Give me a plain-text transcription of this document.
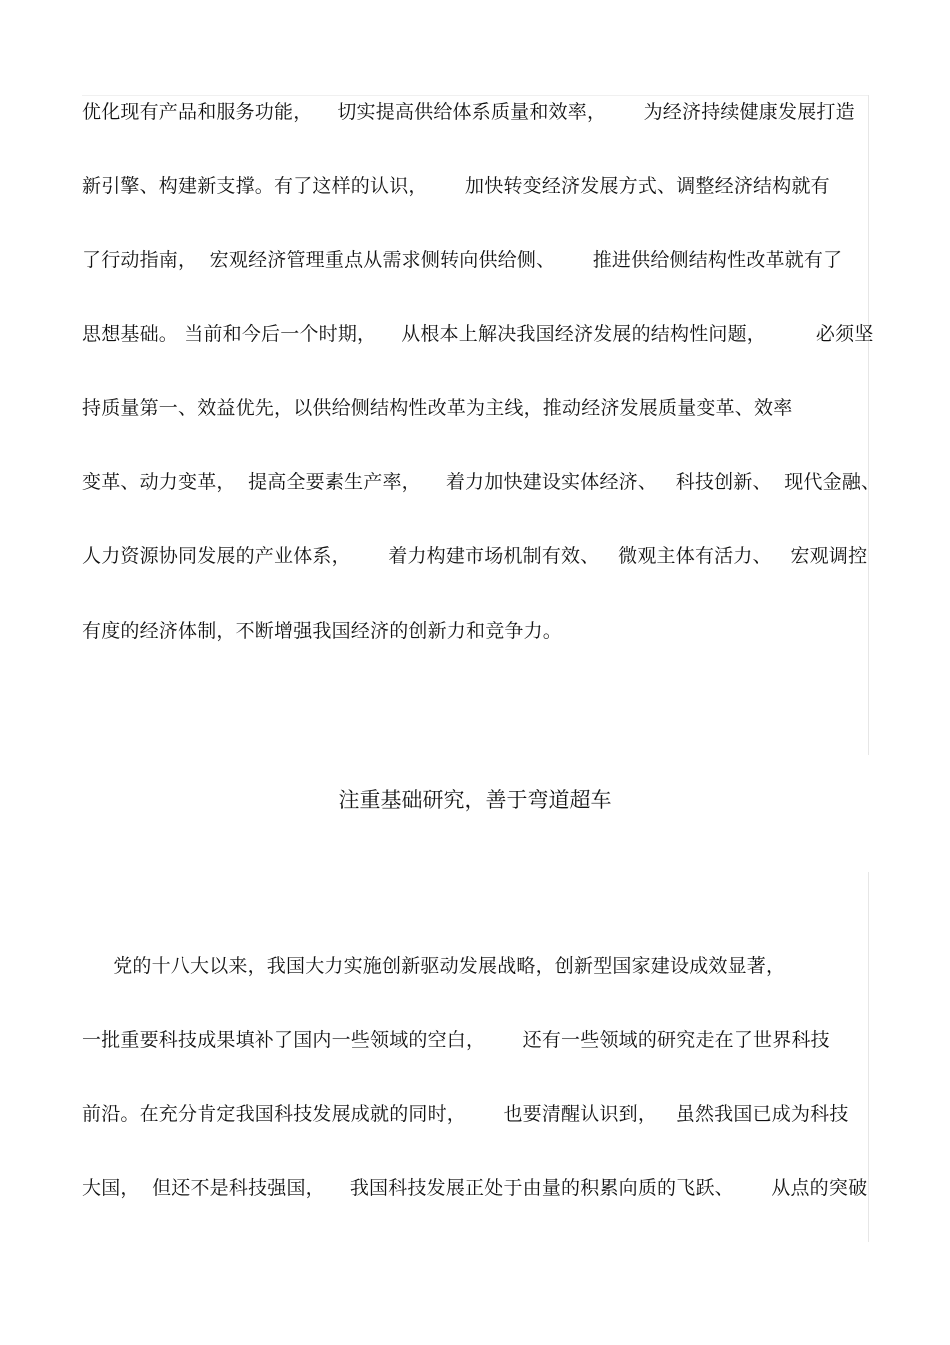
优化现有产品和服务功能，    切实提高供给体系质量和效率，      为经济持续健康发展打造
新引擎、构建新支撑。有了这样的认识，      加快转变经济发展方式、调整经济结构就有
了行动指南，  宏观经济管理重点从需求侧转向供给侧、      推进供给侧结构性改革就有了
思想基础。 当前和今后一个时期，    从根本上解决我国经济发展的结构性问题，        必须坚
持质量第一、效益优先，以供给侧结构性改革为主线，推动经济发展质量变革、效率
变革、动力变革，  提高全要素生产率，    着力加快建设实体经济、   科技创新、  现代金融、
人力资源协同发展的产业体系，      着力构建市场机制有效、   微观主体有活力、   宏观调控
有度的经济体制，不断增强我国经济的创新力和竞争力。
注重基础研究，善于弯道超车
党的十八大以来，我国大力实施创新驱动发展战略，创新型国家建设成效显著，
一批重要科技成果填补了国内一些领域的空白，      还有一些领域的研究走在了世界科技
前沿。在充分肯定我国科技发展成就的同时，      也要清醒认识到，   虽然我国已成为科技
大国，  但还不是科技强国，    我国科技发展正处于由量的积累向质的飞跃、      从点的突破
